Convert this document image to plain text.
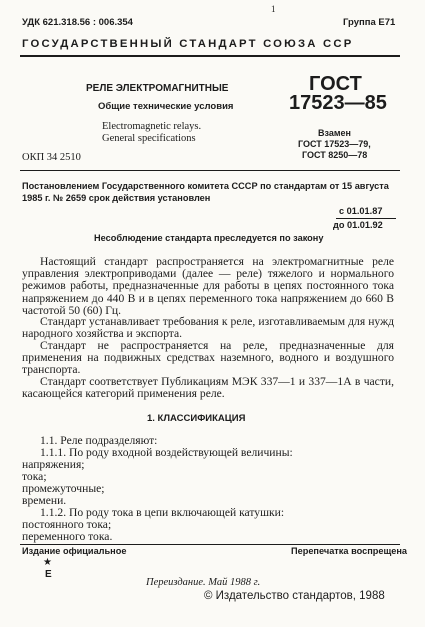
1
УДК 621.318.56 : 006.354	Группа Е71
ГОСУДАРСТВЕННЫЙ СТАНДАРТ СОЮЗА ССР
РЕЛЕ ЭЛЕКТРОМАГНИТНЫЕ
Общие технические условия
Electromagnetic relays.
General specifications
ОКП 34 2510
ГОСТ
17523—85
Взамен
ГОСТ 17523—79,
ГОСТ 8250—78
Постановлением Государственного комитета СССР по стандартам от 15 августа
1985 г. № 2659 срок действия установлен
с 01.01.87
до 01.01.92
Несоблюдение стандарта преследуется по закону

Настоящий стандарт распространяется на электромагнитные реле управления электроприводами (далее — реле) тяжелого и нормального режимов работы, предназначенные для работы в цепях постоянного тока напряжением до 440 В и в цепях переменного тока напряжением до 660 В частотой 50 (60) Гц.

Стандарт устанавливает требования к реле, изготавливаемым для нужд народного хозяйства и экспорта.

Стандарт не распространяется на реле, предназначенные для применения на подвижных средствах наземного, водного и воздушного транспорта.

Стандарт соответствует Публикациям МЭК 337—1 и 337—1А в части, касающейся категорий применения реле.

1. КЛАССИФИКАЦИЯ
1.1. Реле подразделяют:
1.1.1. По роду входной воздействующей величины:
напряжения;
тока;
промежуточные;
времени.
1.1.2. По роду тока в цепи включающей катушки:
постоянного тока;
переменного тока.
Издание официальное	Перепечатка воспрещена
★
Е
Переиздание. Май 1988 г.
© Издательство стандартов, 1988
